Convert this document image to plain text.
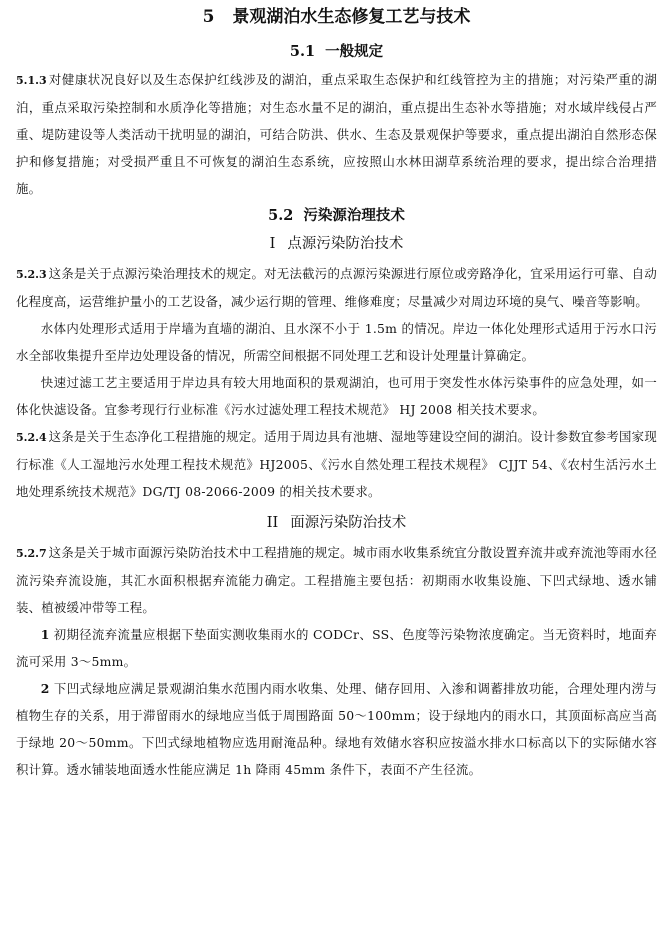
5 景观湖泊水生态修复工艺与技术
5.1 一般规定

5.1.3 对健康状况良好以及生态保护红线涉及的湖泊，重点采取生态保护和红线管控为主的措施；对污染严重的湖泊，重点采取污染控制和水质净化等措施；对生态水量不足的湖泊，重点提出生态补水等措施；对水域岸线侵占严重、堤防建设等人类活动干扰明显的湖泊，可结合防洪、供水、生态及景观保护等要求，重点提出湖泊自然形态保护和修复措施；对受损严重且不可恢复的湖泊生态系统，应按照山水林田湖草系统治理的要求，提出综合治理措施。

5.2 污染源治理技术
I 点源污染防治技术

5.2.3 这条是关于点源污染治理技术的规定。对无法截污的点源污染源进行原位或旁路净化，宜采用运行可靠、自动化程度高，运营维护量小的工艺设备，减少运行期的管理、维修难度；尽量减少对周边环境的臭气、噪音等影响。

水体内处理形式适用于岸墙为直墙的湖泊、且水深不小于 1.5m 的情况。岸边一体化处理形式适用于污水口污水全部收集提升至岸边处理设备的情况，所需空间根据不同处理工艺和设计处理量计算确定。

快速过滤工艺主要适用于岸边具有较大用地面积的景观湖泊，也可用于突发性水体污染事件的应急处理，如一体化快滤设备。宜参考现行行业标准《污水过滤处理工程技术规范》 HJ 2008 相关技术要求。

5.2.4 这条是关于生态净化工程措施的规定。适用于周边具有池塘、湿地等建设空间的湖泊。设计参数宜参考国家现行标准《人工湿地污水处理工程技术规范》HJ2005、《污水自然处理工程技术规程》 CJJT 54、《农村生活污水土地处理系统技术规范》DG/TJ 08-2066-2009 的相关技术要求。

II 面源污染防治技术

5.2.7 这条是关于城市面源污染防治技术中工程措施的规定。城市雨水收集系统宜分散设置弃流井或弃流池等雨水径流污染弃流设施，其汇水面积根据弃流能力确定。工程措施主要包括：初期雨水收集设施、下凹式绿地、透水铺装、植被缓冲带等工程。

1 初期径流弃流量应根据下垫面实测收集雨水的 CODCr、SS、色度等污染物浓度确定。当无资料时，地面弃流可采用 3～5mm。

2 下凹式绿地应满足景观湖泊集水范围内雨水收集、处理、储存回用、入渗和调蓄排放功能，合理处理内涝与植物生存的关系，用于滞留雨水的绿地应当低于周围路面 50～100mm；设于绿地内的雨水口，其顶面标高应当高于绿地 20～50mm。下凹式绿地植物应选用耐淹品种。绿地有效储水容积应按溢水排水口标高以下的实际储水容积计算。透水铺装地面透水性能应满足 1h 降雨 45mm 条件下，表面不产生径流。
